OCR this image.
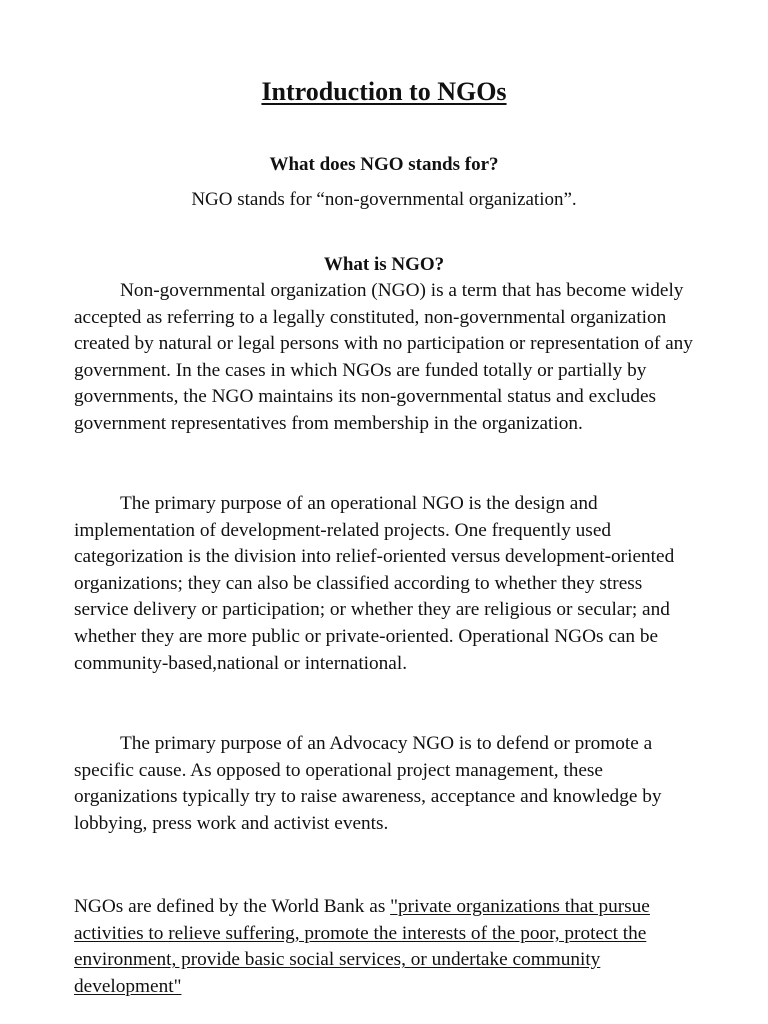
Introduction to NGOs
What does NGO stands for?
NGO stands for “non-governmental organization”.
What is NGO?

Non-governmental organization (NGO) is a term that has become widely accepted as referring to a legally constituted, non-governmental organization created by natural or legal persons with no participation or representation of any government. In the cases in which NGOs are funded totally or partially by governments, the NGO maintains its non-governmental status and excludes government representatives from membership in the organization.

The primary purpose of an operational NGO is the design and implementation of development-related projects. One frequently used categorization is the division into relief-oriented versus development-oriented organizations; they can also be classified according to whether they stress service delivery or participation; or whether they are religious or secular; and whether they are more public or private-oriented. Operational NGOs can be community-based,national or international.

The primary purpose of an Advocacy NGO is to defend or promote a specific cause. As opposed to operational project management, these organizations typically try to raise awareness, acceptance and knowledge by lobbying, press work and activist events.

NGOs are defined by the World Bank as "private organizations that pursue activities to relieve suffering, promote the interests of the poor, protect the environment, provide basic social services, or undertake community development"
